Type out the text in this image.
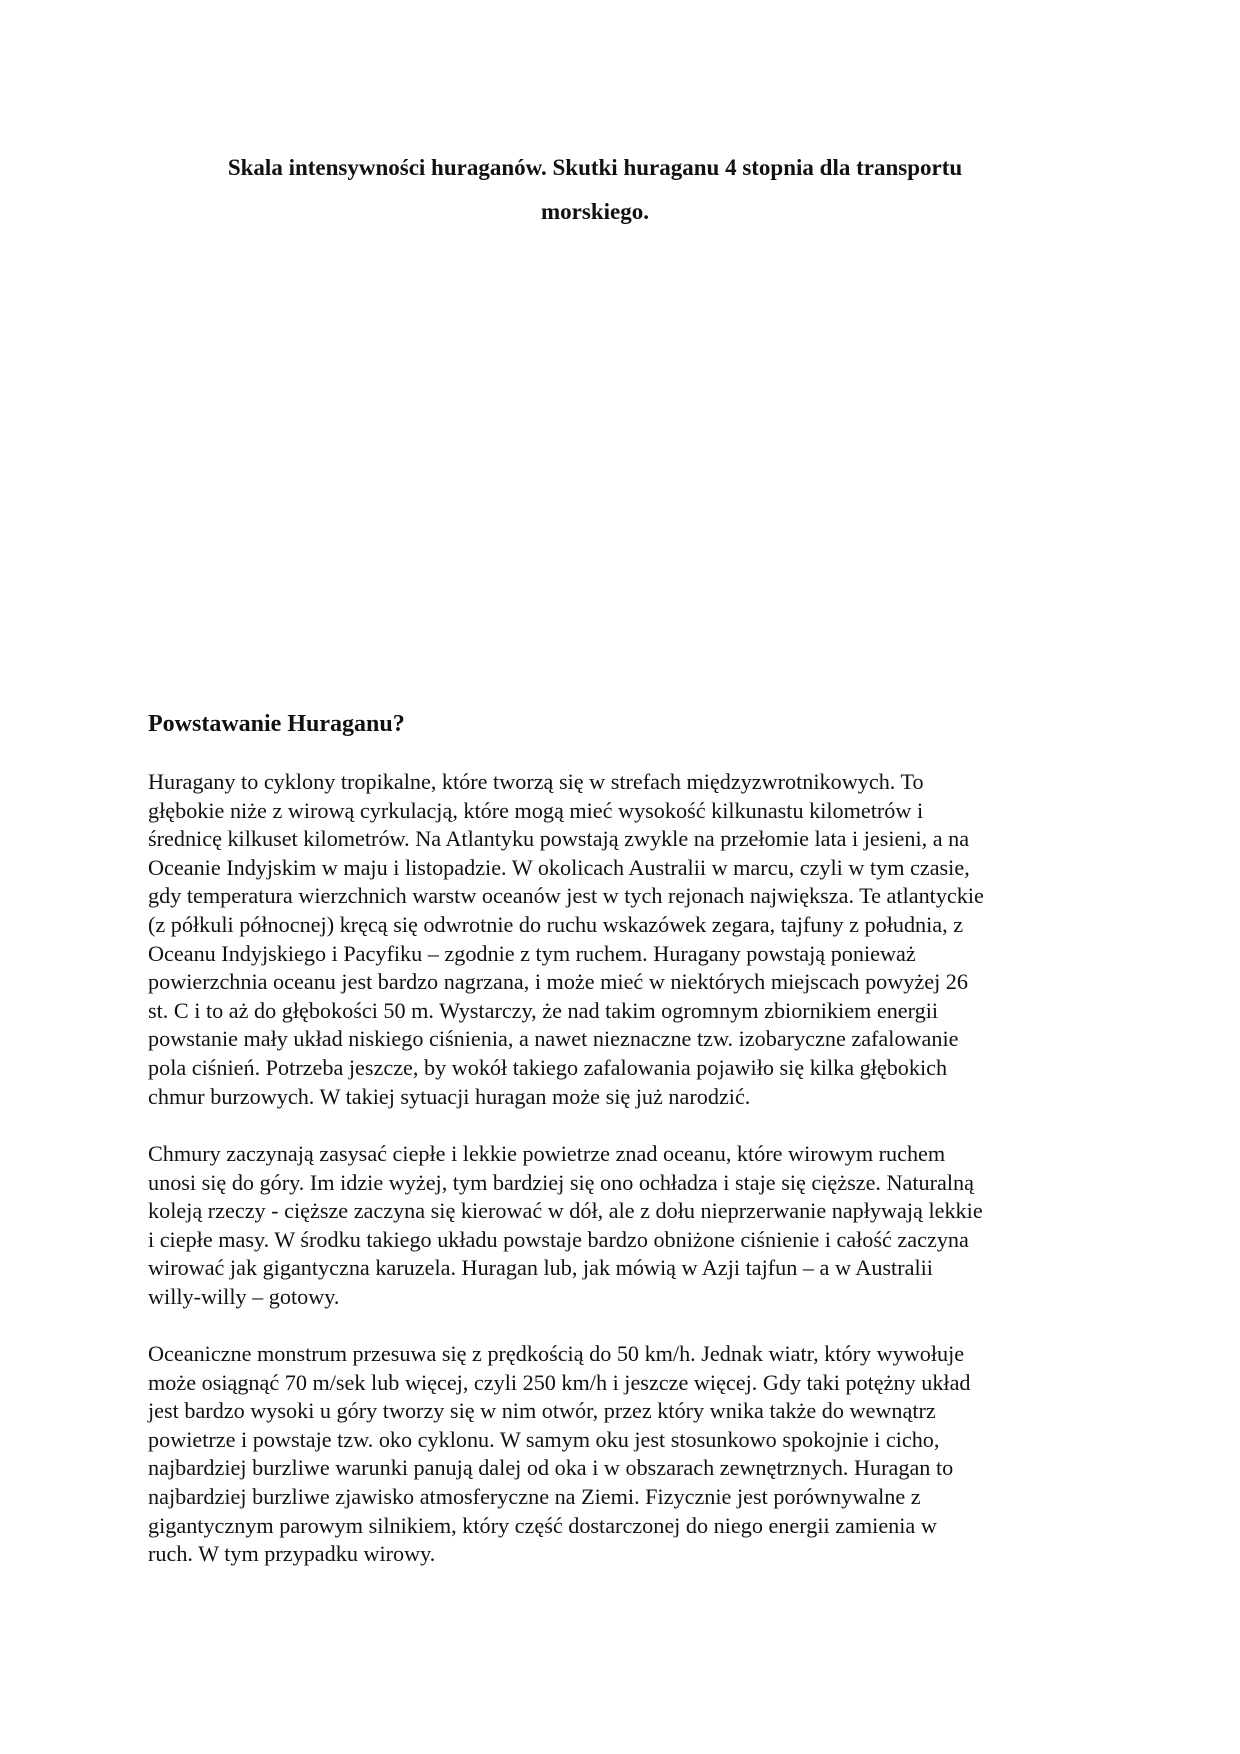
Skala intensywności huraganów. Skutki huraganu 4 stopnia dla transportu
morskiego.
Powstawanie Huraganu?

Huragany to cyklony tropikalne, które tworzą się w strefach międzyzwrotnikowych. To
głębokie niże z wirową cyrkulacją, które mogą mieć wysokość kilkunastu kilometrów i
średnicę kilkuset kilometrów. Na Atlantyku powstają zwykle na przełomie lata i jesieni, a na
Oceanie Indyjskim w maju i listopadzie. W okolicach Australii w marcu, czyli w tym czasie,
gdy temperatura wierzchnich warstw oceanów jest w tych rejonach największa. Te atlantyckie
(z półkuli północnej) kręcą się odwrotnie do ruchu wskazówek zegara, tajfuny z południa, z
Oceanu Indyjskiego i Pacyfiku – zgodnie z tym ruchem. Huragany powstają ponieważ
powierzchnia oceanu jest bardzo nagrzana, i może mieć w niektórych miejscach powyżej 26
st. C i to aż do głębokości 50 m. Wystarczy, że nad takim ogromnym zbiornikiem energii
powstanie mały układ niskiego ciśnienia, a nawet nieznaczne tzw. izobaryczne zafalowanie
pola ciśnień. Potrzeba jeszcze, by wokół takiego zafalowania pojawiło się kilka głębokich
chmur burzowych. W takiej sytuacji huragan może się już narodzić.

Chmury zaczynają zasysać ciepłe i lekkie powietrze znad oceanu, które wirowym ruchem
unosi się do góry. Im idzie wyżej, tym bardziej się ono ochładza i staje się cięższe. Naturalną
koleją rzeczy - cięższe zaczyna się kierować w dół, ale z dołu nieprzerwanie napływają lekkie
i ciepłe masy. W środku takiego układu powstaje bardzo obniżone ciśnienie i całość zaczyna
wirować jak gigantyczna karuzela. Huragan lub, jak mówią w Azji tajfun – a w Australii
willy-willy – gotowy.

Oceaniczne monstrum przesuwa się z prędkością do 50 km/h. Jednak wiatr, który wywołuje
może osiągnąć 70 m/sek lub więcej, czyli 250 km/h i jeszcze więcej. Gdy taki potężny układ
jest bardzo wysoki u góry tworzy się w nim otwór, przez który wnika także do wewnątrz
powietrze i powstaje tzw. oko cyklonu. W samym oku jest stosunkowo spokojnie i cicho,
najbardziej burzliwe warunki panują dalej od oka i w obszarach zewnętrznych. Huragan to
najbardziej burzliwe zjawisko atmosferyczne na Ziemi. Fizycznie jest porównywalne z
gigantycznym parowym silnikiem, który część dostarczonej do niego energii zamienia w
ruch. W tym przypadku wirowy.
